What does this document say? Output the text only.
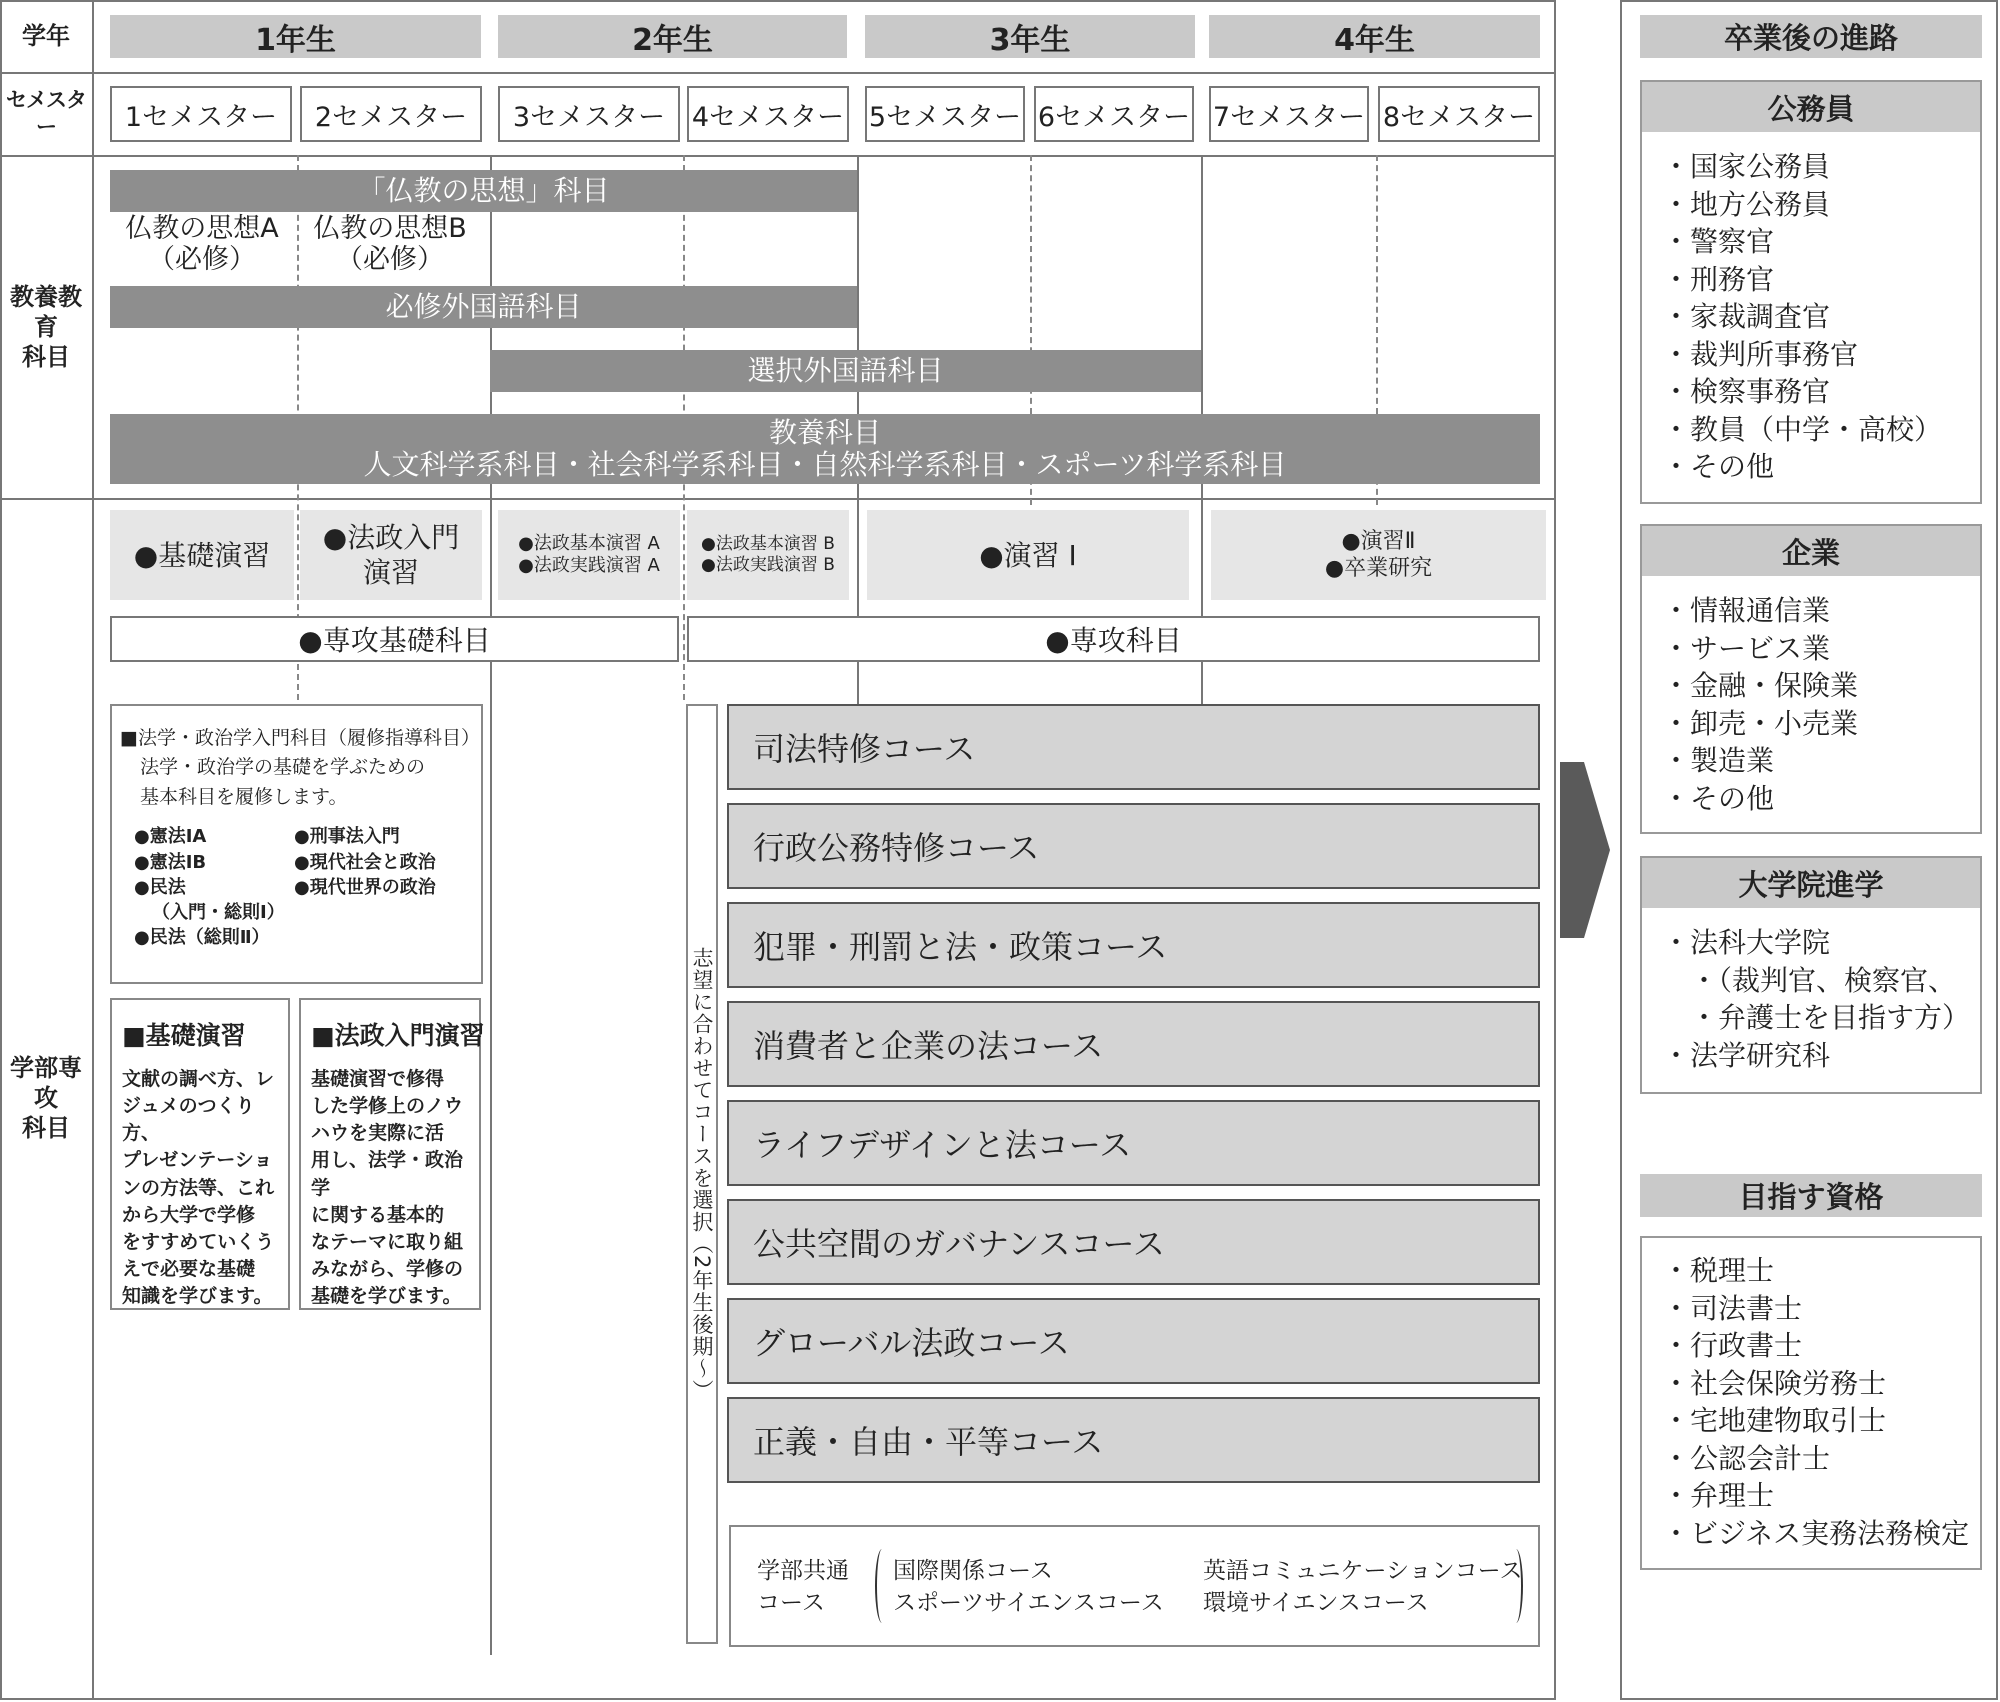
学年
セメスター
教養教育
科目
学部専攻
科目
1年生	2年生	3年生	4年生
1セメスター	2セメスター	3セメスター 4セメスター 5セメスター 6セメスター 7セメスター 8セメスター
「仏教の思想」科目
仏教の思想A
（必修）
仏教の思想B
（必修）
必修外国語科目
選択外国語科目
教養科目
人文科学系科目・社会科学系科目・自然科学系科目・スポーツ科学系科目
●基礎演習
●法政入門
演習
●法政基本演習 A
●法政実践演習 A
●法政基本演習 B
●法政実践演習 B	●演習 Ⅰ	●演習Ⅱ
●卒業研究
●専攻基礎科目	●専攻科目
■法学・政治学入門科目（履修指導科目）
法学・政治学の基礎を学ぶための
基本科目を履修します。
●憲法ⅠA
●憲法ⅠB
●民法
（入門・総則Ⅰ）
●民法（総則Ⅱ）
●刑事法入門
●現代社会と政治
●現代世界の政治
■基礎演習
文献の調べ方、レ
ジュメのつくり方、
プレゼンテーショ
ンの方法等、これ
から大学で学修
をすすめていくう
えで必要な基礎
知識を学びます。
■法政入門演習
基礎演習で修得
した学修上のノウ
ハウを実際に活
用し、法学・政治学
に関する基本的
なテーマに取り組
みながら、学修の
基礎を学びます。	志望に合わせてコースを選択（2年生後期〜）
司法特修コース
行政公務特修コース
犯罪・刑罰と法・政策コース
消費者と企業の法コース
ライフデザインと法コース
公共空間のガバナンスコース
グローバル法政コース
正義・自由・平等コース
学部共通
コース
国際関係コース
スポーツサイエンスコース
英語コミュニケーションコース
環境サイエンスコース
卒業後の進路
公務員
・ 国家公務員
・ 地方公務員
・ 警察官
・ 刑務官
・ 家裁調査官
・ 裁判所事務官
・ 検察事務官
・ 教員（中学・高校）
・ その他
企業
・ 情報通信業
・ サービス業
・ 金融・保険業
・ 卸売・小売業
・ 製造業
・ その他
大学院進学
・ 法科大学院
・ （裁判官、検察官、
・ 弁護士を目指す方）
・ 法学研究科
目指す資格
・ 税理士
・ 司法書士
・ 行政書士
・ 社会保険労務士
・ 宅地建物取引士
・ 公認会計士
・ 弁理士
・ ビジネス実務法務検定
